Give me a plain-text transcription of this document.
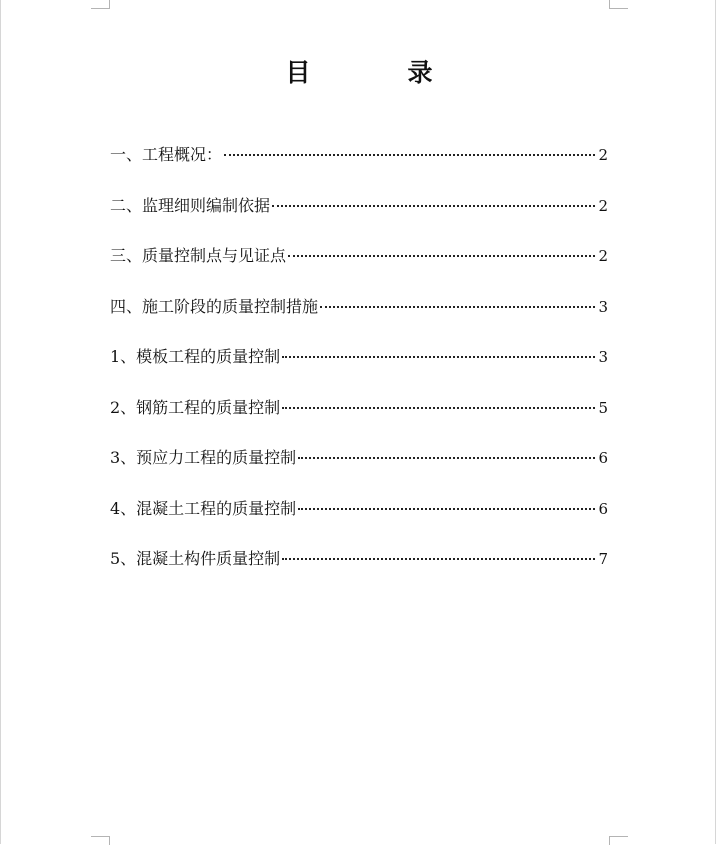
目　录
一、工程概况：	2
二、监理细则编制依据	2
三、质量控制点与见证点	2
四、施工阶段的质量控制措施	3
1、模板工程的质量控制	3
2、钢筋工程的质量控制	5
3、预应力工程的质量控制	6
4、混凝土工程的质量控制	6
5、混凝土构件质量控制	7
